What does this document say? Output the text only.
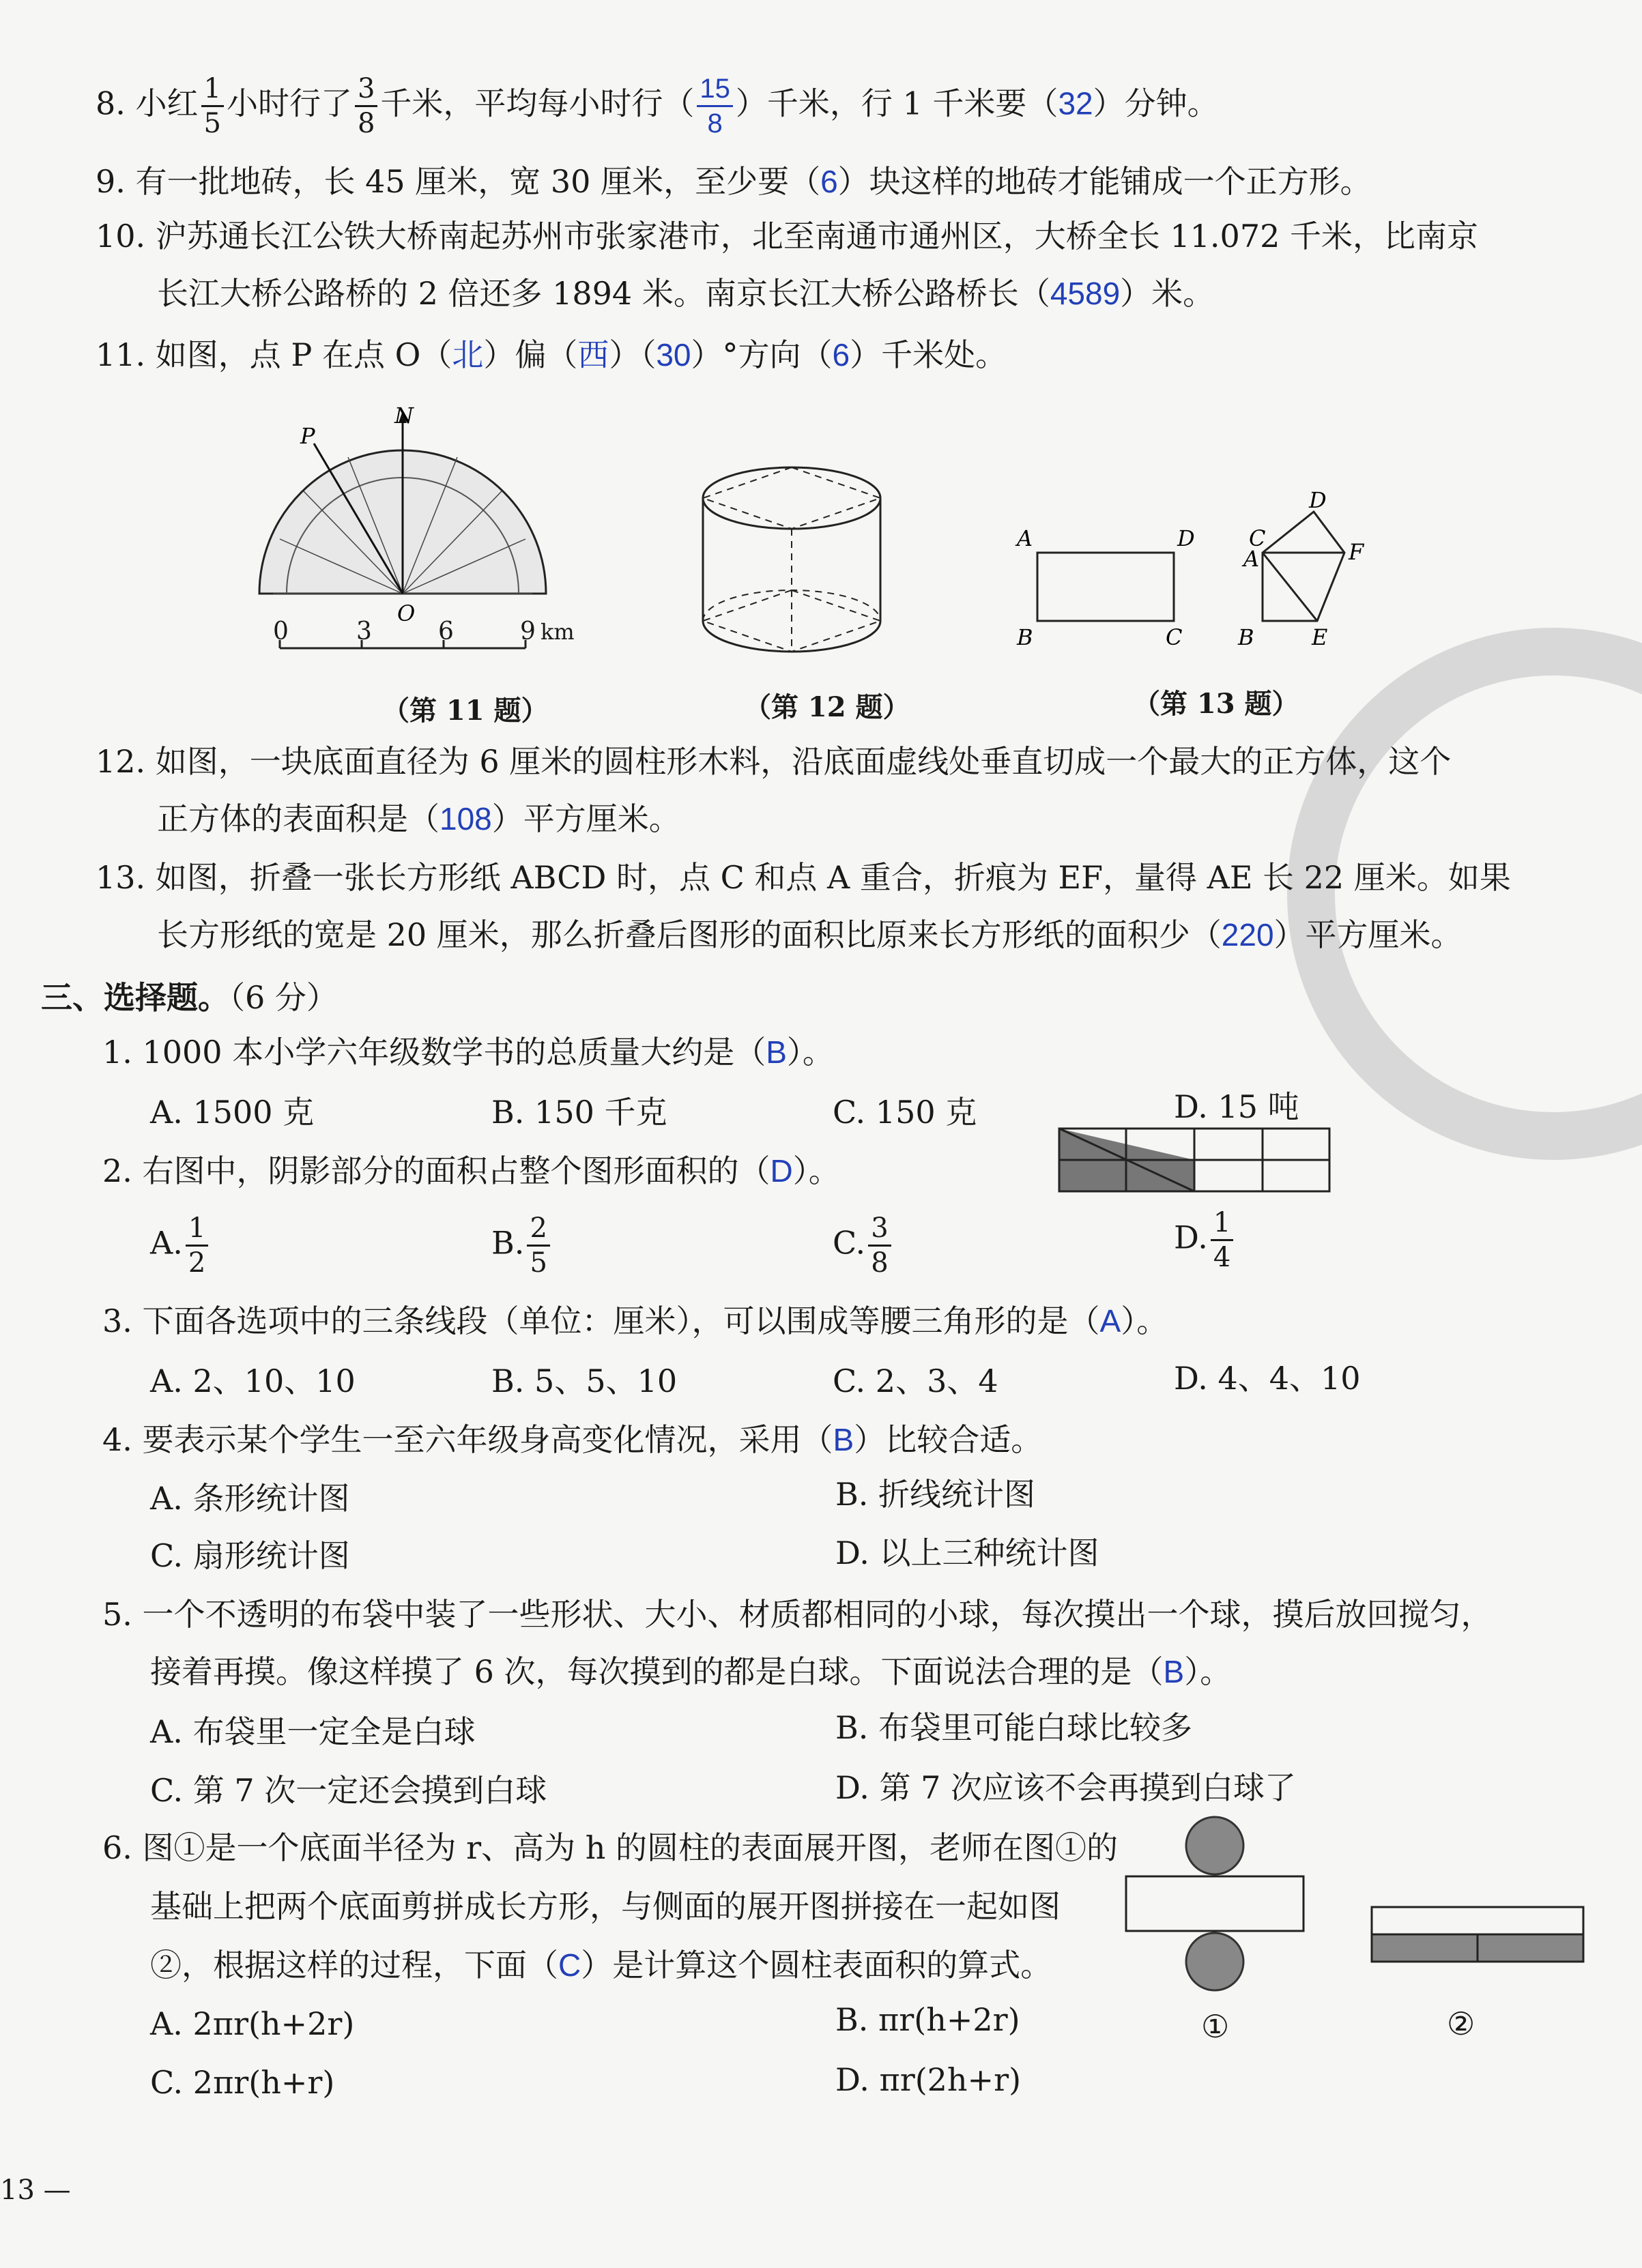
8. 小红 $\frac{1}{5}$ 小时行了 $\frac{3}{8}$ 千米，平均每小时行（ $\frac{15}{8}$ ）千米，行 1 千米要（32）分钟。
9. 有一批地砖，长 45 厘米，宽 30 厘米，至少要（6）块这样的地砖才能铺成一个正方形。
10. 沪苏通长江公铁大桥南起苏州市张家港市，北至南通市通州区，大桥全长 11.072 千米，比南京
长江大桥公路桥的 2 倍还多 1894 米。南京长江大桥公路桥长（4589）米。
11. 如图，点 P 在点 O（北）偏（西）（30）°方向（6）千米处。
N
P
O
0	3	6	9 km
（第 11 题）	（第 12 题）
A	D
B	C
D
C
A	F
B	E
（第 13 题）
12. 如图，一块底面直径为 6 厘米的圆柱形木料，沿底面虚线处垂直切成一个最大的正方体，这个
正方体的表面积是（108）平方厘米。
13. 如图，折叠一张长方形纸 ABCD 时，点 C 和点 A 重合，折痕为 EF，量得 AE 长 22 厘米。如果
长方形纸的宽是 20 厘米，那么折叠后图形的面积比原来长方形纸的面积少（220）平方厘米。
三、选择题。（6 分）
1. 1000 本小学六年级数学书的总质量大约是（B）。
A. 1500 克	B. 150 千克	C. 150 克	D. 15 吨
2. 右图中，阴影部分的面积占整个图形面积的（D）。
A. $\frac{1}{2}$	B. $\frac{2}{5}$	C. $\frac{3}{8}$	D. $\frac{1}{4}$
3. 下面各选项中的三条线段（单位：厘米），可以围成等腰三角形的是（A）。
A. 2、10、10	B. 5、5、10	C. 2、3、4	D. 4、4、10
4. 要表示某个学生一至六年级身高变化情况，采用（B）比较合适。
A. 条形统计图	B. 折线统计图
C. 扇形统计图	D. 以上三种统计图
5. 一个不透明的布袋中装了一些形状、大小、材质都相同的小球，每次摸出一个球，摸后放回搅匀，
接着再摸。像这样摸了 6 次，每次摸到的都是白球。下面说法合理的是（B）。
A. 布袋里一定全是白球	B. 布袋里可能白球比较多
C. 第 7 次一定还会摸到白球	D. 第 7 次应该不会再摸到白球了
6. 图①是一个底面半径为 r、高为 h 的圆柱的表面展开图，老师在图①的
基础上把两个底面剪拼成长方形，与侧面的展开图拼接在一起如图
②，根据这样的过程，下面（C）是计算这个圆柱表面积的算式。
A. 2πr(h+2r)	B. πr(h+2r)
C. 2πr(h+r)	D. πr(2h+r)
①	②
13 —
